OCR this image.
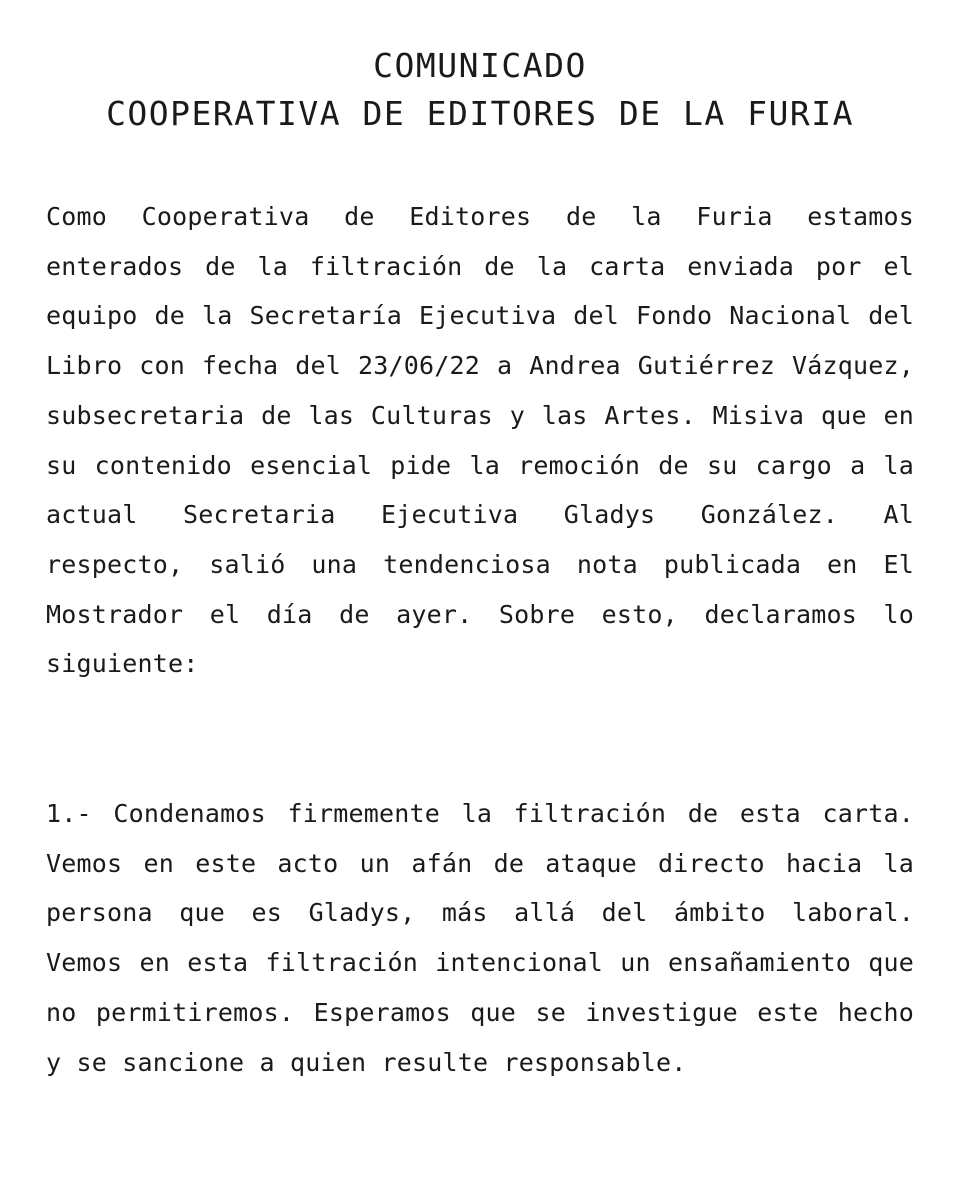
COMUNICADO
COOPERATIVA DE EDITORES DE LA FURIA

Como Cooperativa de Editores de la Furia estamos enterados de la filtración de la carta enviada por el equipo de la Secretaría Ejecutiva del Fondo Nacional del Libro con fecha del 23/06/22 a Andrea Gutiérrez Vázquez, subsecretaria de las Culturas y las Artes. Misiva que en su contenido esencial pide la remoción de su cargo a la actual Secretaria Ejecutiva Gladys González. Al respecto, salió una tendenciosa nota publicada en El Mostrador el día de ayer. Sobre esto, declaramos lo siguiente:

1.- Condenamos firmemente la filtración de esta carta. Vemos en este acto un afán de ataque directo hacia la persona que es Gladys, más allá del ámbito laboral. Vemos en esta filtración intencional un ensañamiento que no permitiremos. Esperamos que se investigue este hecho y se sancione a quien resulte responsable.
